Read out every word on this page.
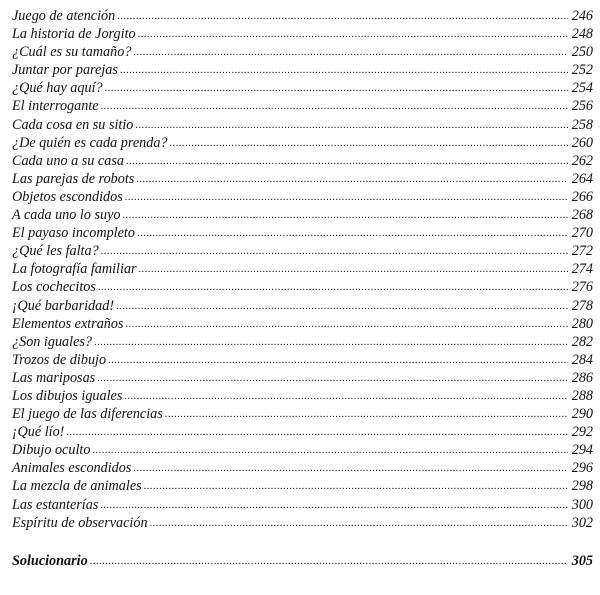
Juego de atención .....	246
La historia de Jorgito .....	248
¿Cuál es su tamaño? .....	250
Juntar por parejas .....	252
¿Qué hay aquí? .....	254
El interrogante .....	256
Cada cosa en su sitio .....	258
¿De quién es cada prenda? .....	260
Cada uno a su casa .....	262
Las parejas de robots .....	264
Objetos escondidos .....	266
A cada uno lo suyo .....	268
El payaso incompleto .....	270
¿Qué les falta? .....	272
La fotografía familiar .....	274
Los cochecitos .....	276
¡Qué barbaridad! .....	278
Elementos extraños .....	280
¿Son iguales? .....	282
Trozos de dibujo .....	284
Las mariposas .....	286
Los dibujos iguales .....	288
El juego de las diferencias .....	290
¡Qué lío! .....	292
Dibujo oculto .....	294
Animales escondidos .....	296
La mezcla de animales .....	298
Las estanterías .....	300
Espíritu de observación .....	302
Solucionario .....	305
